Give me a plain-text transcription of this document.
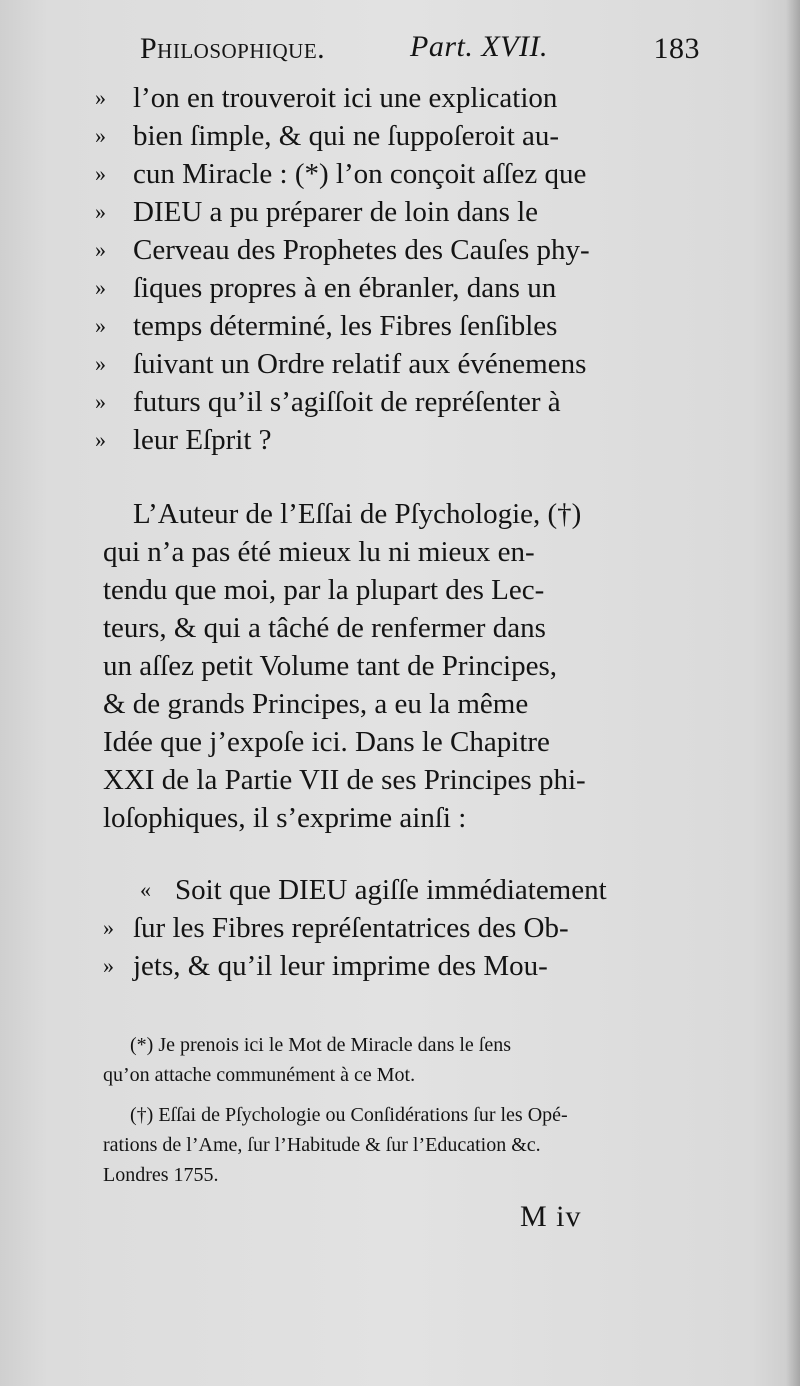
Philosophique.	Part. XVII.	183
» l’on en trouveroit ici une explication
» bien ſimple, & qui ne ſuppoſeroit au-
» cun Miracle : (*) l’on conçoit aſſez que
» DIEU a pu préparer de loin dans le
» Cerveau des Prophetes des Cauſes phy-
» ſiques propres à en ébranler, dans un
» temps déterminé, les Fibres ſenſibles
» ſuivant un Ordre relatif aux événemens
» futurs qu’il s’agiſſoit de repréſenter à
» leur Eſprit ?
L’Auteur de l’Eſſai de Pſychologie, (†)
qui n’a pas été mieux lu ni mieux en-
tendu que moi, par la plupart des Lec-
teurs, & qui a tâché de renfermer dans
un aſſez petit Volume tant de Principes,
& de grands Principes, a eu la même
Idée que j’expoſe ici. Dans le Chapitre
XXI de la Partie VII de ses Principes phi-
loſophiques, il s’exprime ainſi :
« Soit que DIEU agiſſe immédiatement
» ſur les Fibres repréſentatrices des Ob-
» jets, & qu’il leur imprime des Mou-
(*) Je prenois ici le Mot de Miracle dans le ſens
qu’on attache communément à ce Mot.
(†) Eſſai de Pſychologie ou Conſidérations ſur les Opé-
rations de l’Ame, ſur l’Habitude & ſur l’Education &c.
Londres 1755.
M iv
